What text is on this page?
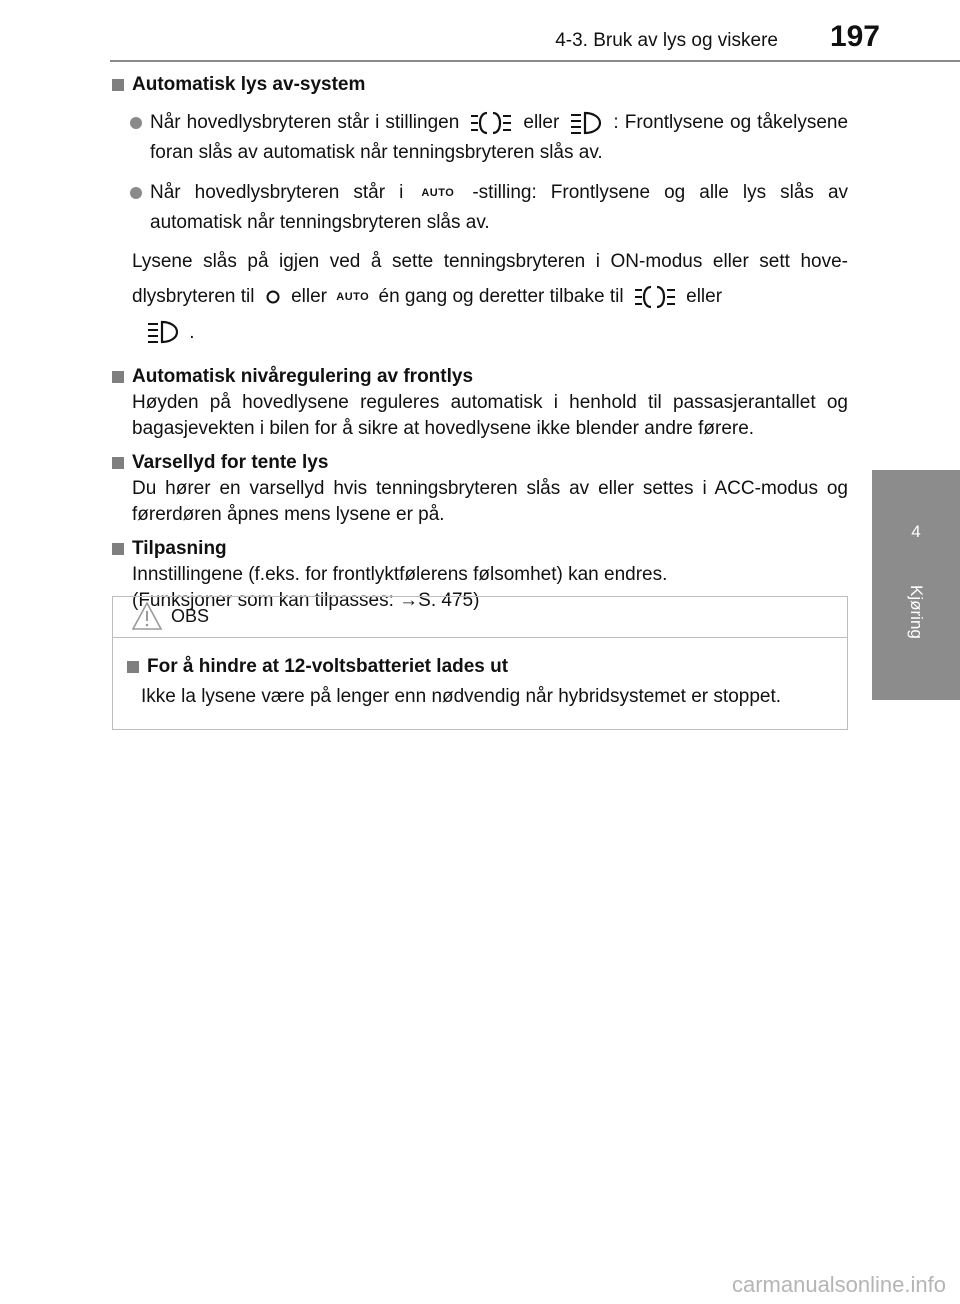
4-3. Bruk av lys og viskere 197
4
Kjøring
Automatisk lys av-system
Når hovedlysbryteren står i stillingen	eller	: Frontlysene og tåkelysene foran slås av automatisk når tenningsbryteren slås av.
Når hovedlysbryteren står i AUTO -stilling: Frontlysene og alle lys slås av automatisk når tenningsbryteren slås av.
Lysene slås på igjen ved å sette tenningsbryteren i ON-modus eller sett hove-dlysbryteren til eller AUTO én gang og deretter tilbake til	eller
.
Automatisk nivåregulering av frontlys
Høyden på hovedlysene reguleres automatisk i henhold til passasjerantallet og bagasjevekten i bilen for å sikre at hovedlysene ikke blender andre førere.
Varsellyd for tente lys
Du hører en varsellyd hvis tenningsbryteren slås av eller settes i ACC-modus og førerdøren åpnes mens lysene er på.
Tilpasning
Innstillingene (f.eks. for frontlyktfølerens følsomhet) kan endres.
(Funksjoner som kan tilpasses: →S. 475)
OBS
For å hindre at 12-voltsbatteriet lades ut
Ikke la lysene være på lenger enn nødvendig når hybridsystemet er stoppet.
carmanualsonline.info
